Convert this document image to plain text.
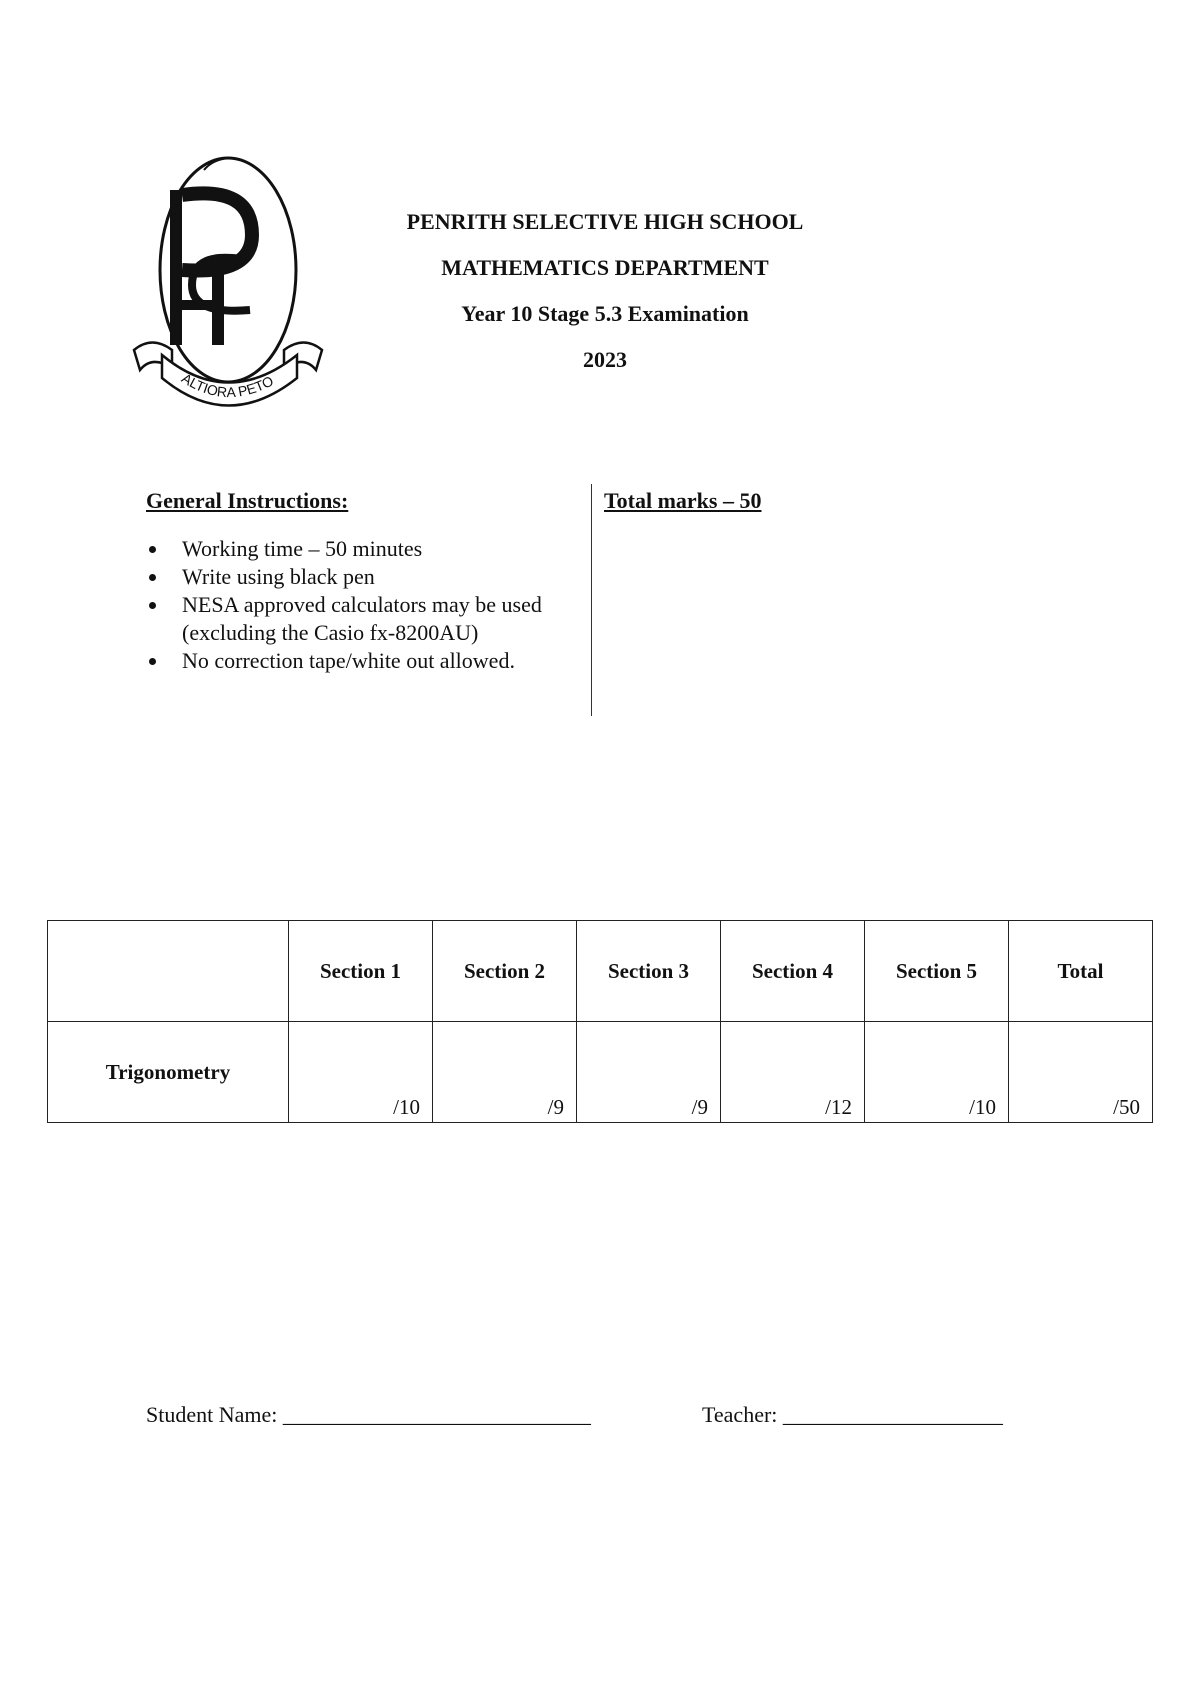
ALTIORA PETO
PENRITH SELECTIVE HIGH SCHOOL
MATHEMATICS DEPARTMENT
Year 10 Stage 5.3 Examination
2023

General Instructions:

Working time – 50 minutes
Write using black pen
NESA approved calculators may be used (excluding the Casio fx-8200AU)
No correction tape/white out allowed.
Total marks – 50
	Section 1	Section 2	Section 3	Section 4	Section 5	Total
Trigonometry	/10	/9	/9	/12	/10	/50
Student Name: ____________________________	Teacher: ____________________
